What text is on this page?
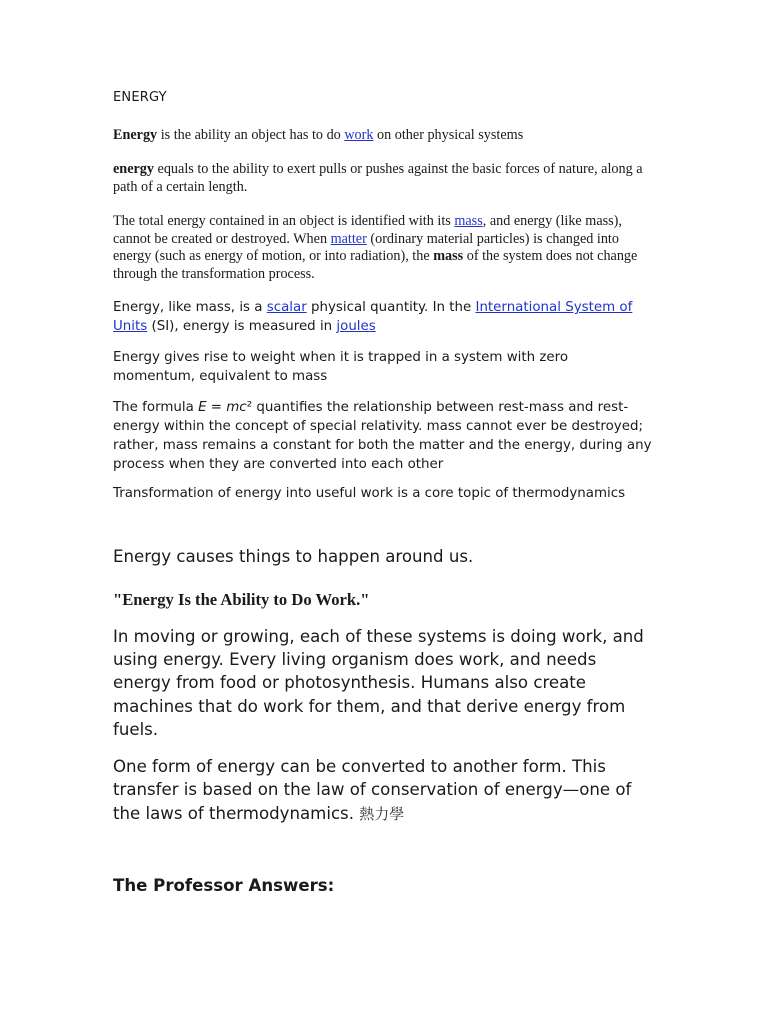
ENERGY

Energy is the ability an object has to do work on other physical systems

energy equals to the ability to exert pulls or pushes against the basic forces of nature, along a path of a certain length.

The total energy contained in an object is identified with its mass, and energy (like mass), cannot be created or destroyed. When matter (ordinary material particles) is changed into energy (such as energy of motion, or into radiation), the mass of the system does not change through the transformation process.

Energy, like mass, is a scalar physical quantity. In the International System of Units (SI), energy is measured in joules

Energy gives rise to weight when it is trapped in a system with zero momentum, equivalent to mass

The formula E = mc² quantifies the relationship between rest-mass and rest-energy within the concept of special relativity. mass cannot ever be destroyed; rather, mass remains a constant for both the matter and the energy, during any process when they are converted into each other

Transformation of energy into useful work is a core topic of thermodynamics

Energy causes things to happen around us.
"Energy Is the Ability to Do Work."

In moving or growing, each of these systems is doing work, and using energy. Every living organism does work, and needs energy from food or photosynthesis. Humans also create machines that do work for them, and that derive energy from fuels.

One form of energy can be converted to another form. This transfer is based on the law of conservation of energy—one of the laws of thermodynamics. 熱力學

The Professor Answers:
